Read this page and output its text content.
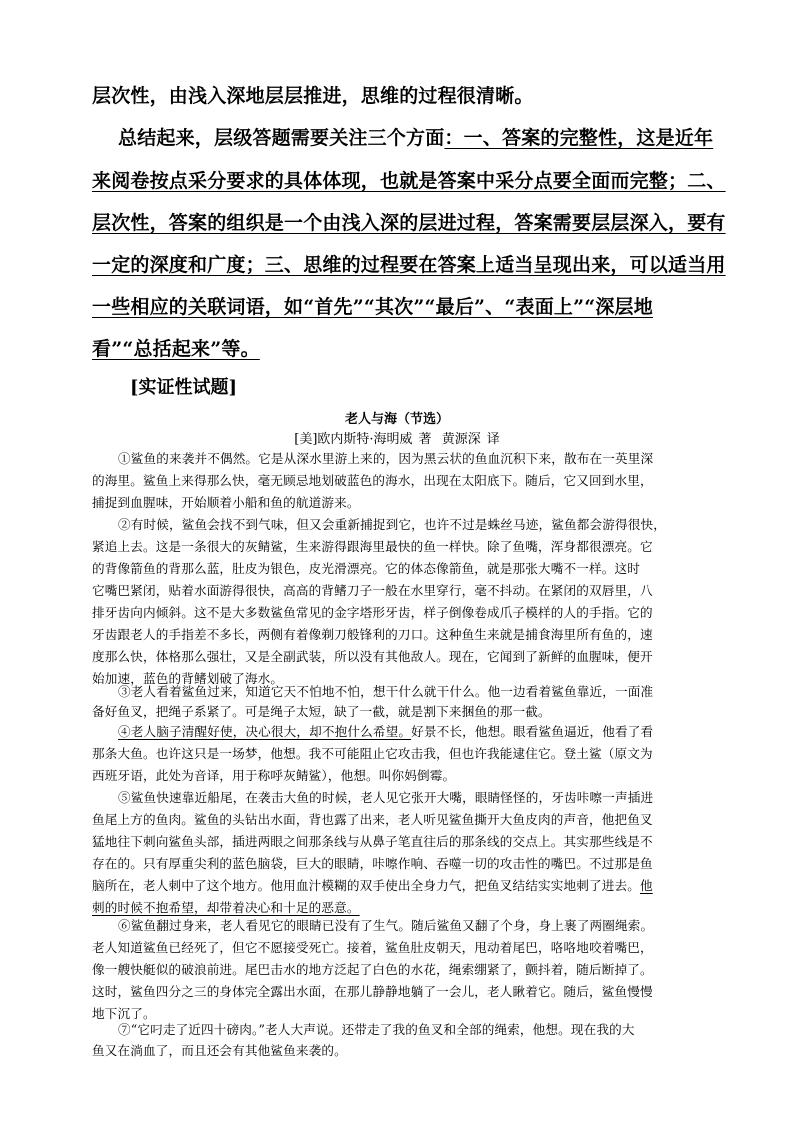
层次性，由浅入深地层层推进，思维的过程很清晰。
总结起来，层级答题需要关注三个方面：一、答案的完整性，这是近年
来阅卷按点采分要求的具体体现，也就是答案中采分点要全面而完整；二、
层次性，答案的组织是一个由浅入深的层进过程，答案需要层层深入，要有
一定的深度和广度；三、思维的过程要在答案上适当呈现出来，可以适当用
一些相应的关联词语，如“首先”“其次”“最后”、“表面上”“深层地
看”“总括起来”等。
[实证性试题]
老人与海（节选）
[美]欧内斯特·海明威 著 黄源深 译
①鲨鱼的来袭并不偶然。它是从深水里游上来的，因为黑云状的鱼血沉积下来，散布在一英里深
的海里。鲨鱼上来得那么快，毫无顾忌地划破蓝色的海水，出现在太阳底下。随后，它又回到水里，
捕捉到血腥味，开始顺着小船和鱼的航道游来。
②有时候，鲨鱼会找不到气味，但又会重新捕捉到它，也许不过是蛛丝马迹，鲨鱼都会游得很快，
紧追上去。这是一条很大的灰鲭鲨，生来游得跟海里最快的鱼一样快。除了鱼嘴，浑身都很漂亮。它
的背像箭鱼的背那么蓝，肚皮为银色，皮光滑漂亮。它的体态像箭鱼，就是那张大嘴不一样。这时
它嘴巴紧闭，贴着水面游得很快，高高的背鳍刀子一般在水里穿行，毫不抖动。在紧闭的双唇里，八
排牙齿向内倾斜。这不是大多数鲨鱼常见的金字塔形牙齿，样子倒像卷成爪子模样的人的手指。它的
牙齿跟老人的手指差不多长，两侧有着像剃刀般锋利的刀口。这种鱼生来就是捕食海里所有鱼的，速
度那么快，体格那么强壮，又是全副武装，所以没有其他敌人。现在，它闻到了新鲜的血腥味，便开
始加速，蓝色的背鳍划破了海水。
③老人看着鲨鱼过来，知道它天不怕地不怕，想干什么就干什么。他一边看着鲨鱼靠近，一面准
备好鱼叉，把绳子系紧了。可是绳子太短，缺了一截，就是割下来捆鱼的那一截。
④老人脑子清醒好使，决心很大，却不抱什么希望。好景不长，他想。眼看鲨鱼逼近，他看了看
那条大鱼。也许这只是一场梦，他想。我不可能阻止它攻击我，但也许我能逮住它。登土鲨（原文为
西班牙语，此处为音译，用于称呼灰鲭鲨），他想。叫你妈倒霉。
⑤鲨鱼快速靠近船尾，在袭击大鱼的时候，老人见它张开大嘴，眼睛怪怪的，牙齿咔嚓一声插进
鱼尾上方的鱼肉。鲨鱼的头钻出水面，背也露了出来，老人听见鲨鱼撕开大鱼皮肉的声音，他把鱼叉
猛地往下刺向鲨鱼头部，插进两眼之间那条线与从鼻子笔直往后的那条线的交点上。其实那些线是不
存在的。只有厚重尖利的蓝色脑袋，巨大的眼睛，咔嚓作响、吞噬一切的攻击性的嘴巴。不过那是鱼
脑所在，老人刺中了这个地方。他用血汁模糊的双手使出全身力气，把鱼叉结结实实地刺了进去。他
刺的时候不抱希望，却带着决心和十足的恶意。
⑥鲨鱼翻过身来，老人看见它的眼睛已没有了生气。随后鲨鱼又翻了个身，身上裹了两圈绳索。
老人知道鲨鱼已经死了，但它不愿接受死亡。接着，鲨鱼肚皮朝天，甩动着尾巴，咯咯地咬着嘴巴，
像一艘快艇似的破浪前进。尾巴击水的地方泛起了白色的水花，绳索绷紧了，颤抖着，随后断掉了。
这时，鲨鱼四分之三的身体完全露出水面，在那儿静静地躺了一会儿，老人瞅着它。随后，鲨鱼慢慢
地下沉了。
⑦“它叼走了近四十磅肉。”老人大声说。还带走了我的鱼叉和全部的绳索，他想。现在我的大
鱼又在淌血了，而且还会有其他鲨鱼来袭的。
